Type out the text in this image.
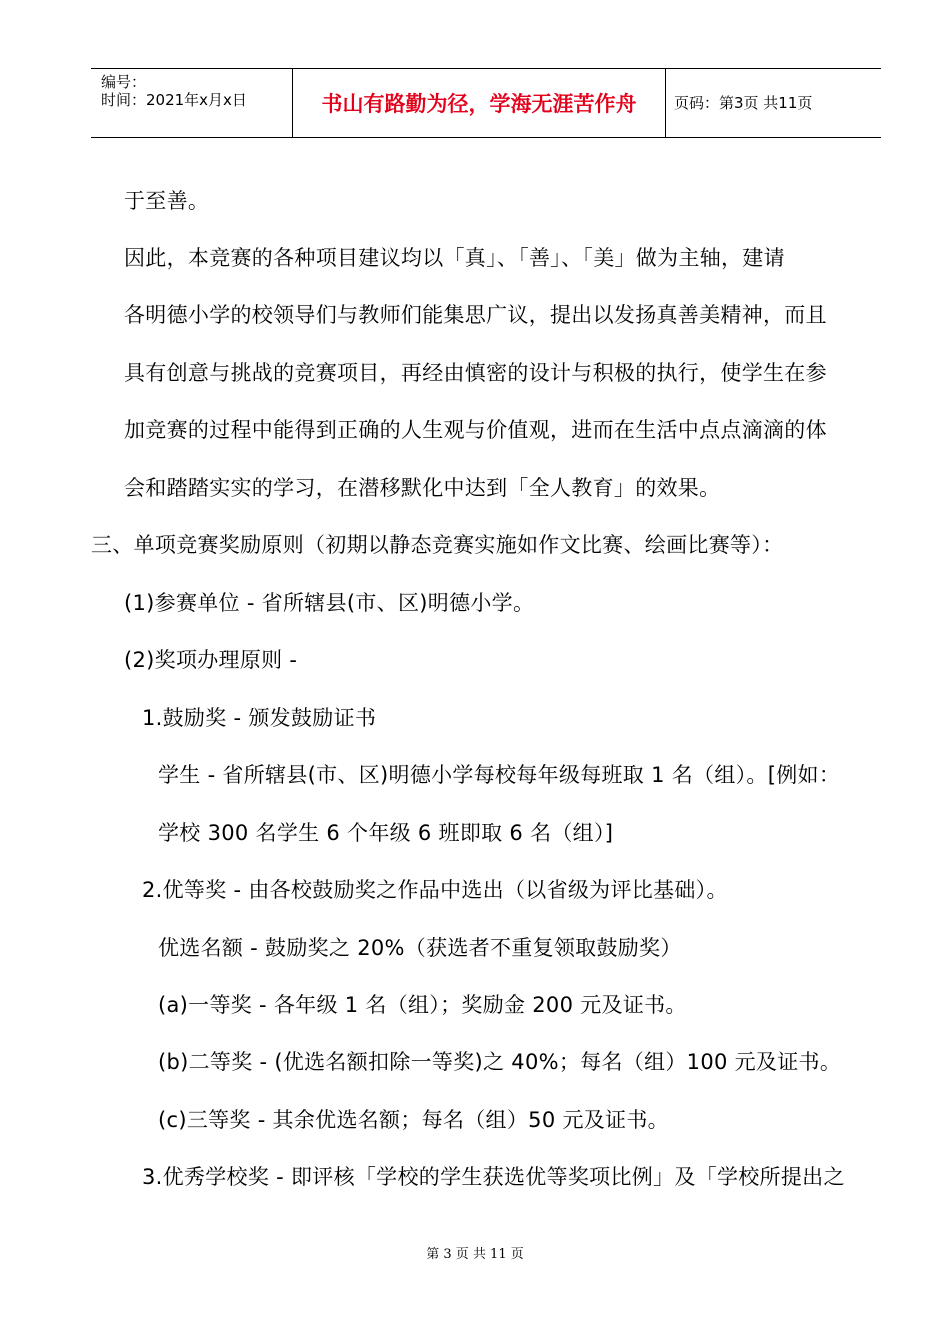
编号：
时间：2021年x月x日	书山有路勤为径，学海无涯苦作舟	页码：第3页 共11页
于至善。
因此，本竞赛的各种项目建议均以「真」、「善」、「美」做为主轴，建请
各明德小学的校领导们与教师们能集思广议，提出以发扬真善美精神，而且
具有创意与挑战的竞赛项目，再经由慎密的设计与积极的执行，使学生在参
加竞赛的过程中能得到正确的人生观与价值观，进而在生活中点点滴滴的体
会和踏踏实实的学习，在潜移默化中达到「全人教育」的效果。
三、单项竞赛奖励原则（初期以静态竞赛实施如作文比赛、绘画比赛等）：
(1)参赛单位 - 省所辖县(市、区)明德小学。
(2)奖项办理原则 -
1.鼓励奖 - 颁发鼓励证书
学生 - 省所辖县(市、区)明德小学每校每年级每班取 1 名（组）。[例如：
学校 300 名学生 6 个年级 6 班即取 6 名（组）]
2.优等奖 - 由各校鼓励奖之作品中选出（以省级为评比基础）。
优选名额 - 鼓励奖之 20%（获选者不重复领取鼓励奖）
(a)一等奖 - 各年级 1 名（组）；奖励金 200 元及证书。
(b)二等奖 - (优选名额扣除一等奖)之 40%；每名（组）100 元及证书。
(c)三等奖 - 其余优选名额；每名（组）50 元及证书。
3.优秀学校奖 - 即评核「学校的学生获选优等奖项比例」及「学校所提出之
第 3 页 共 11 页
